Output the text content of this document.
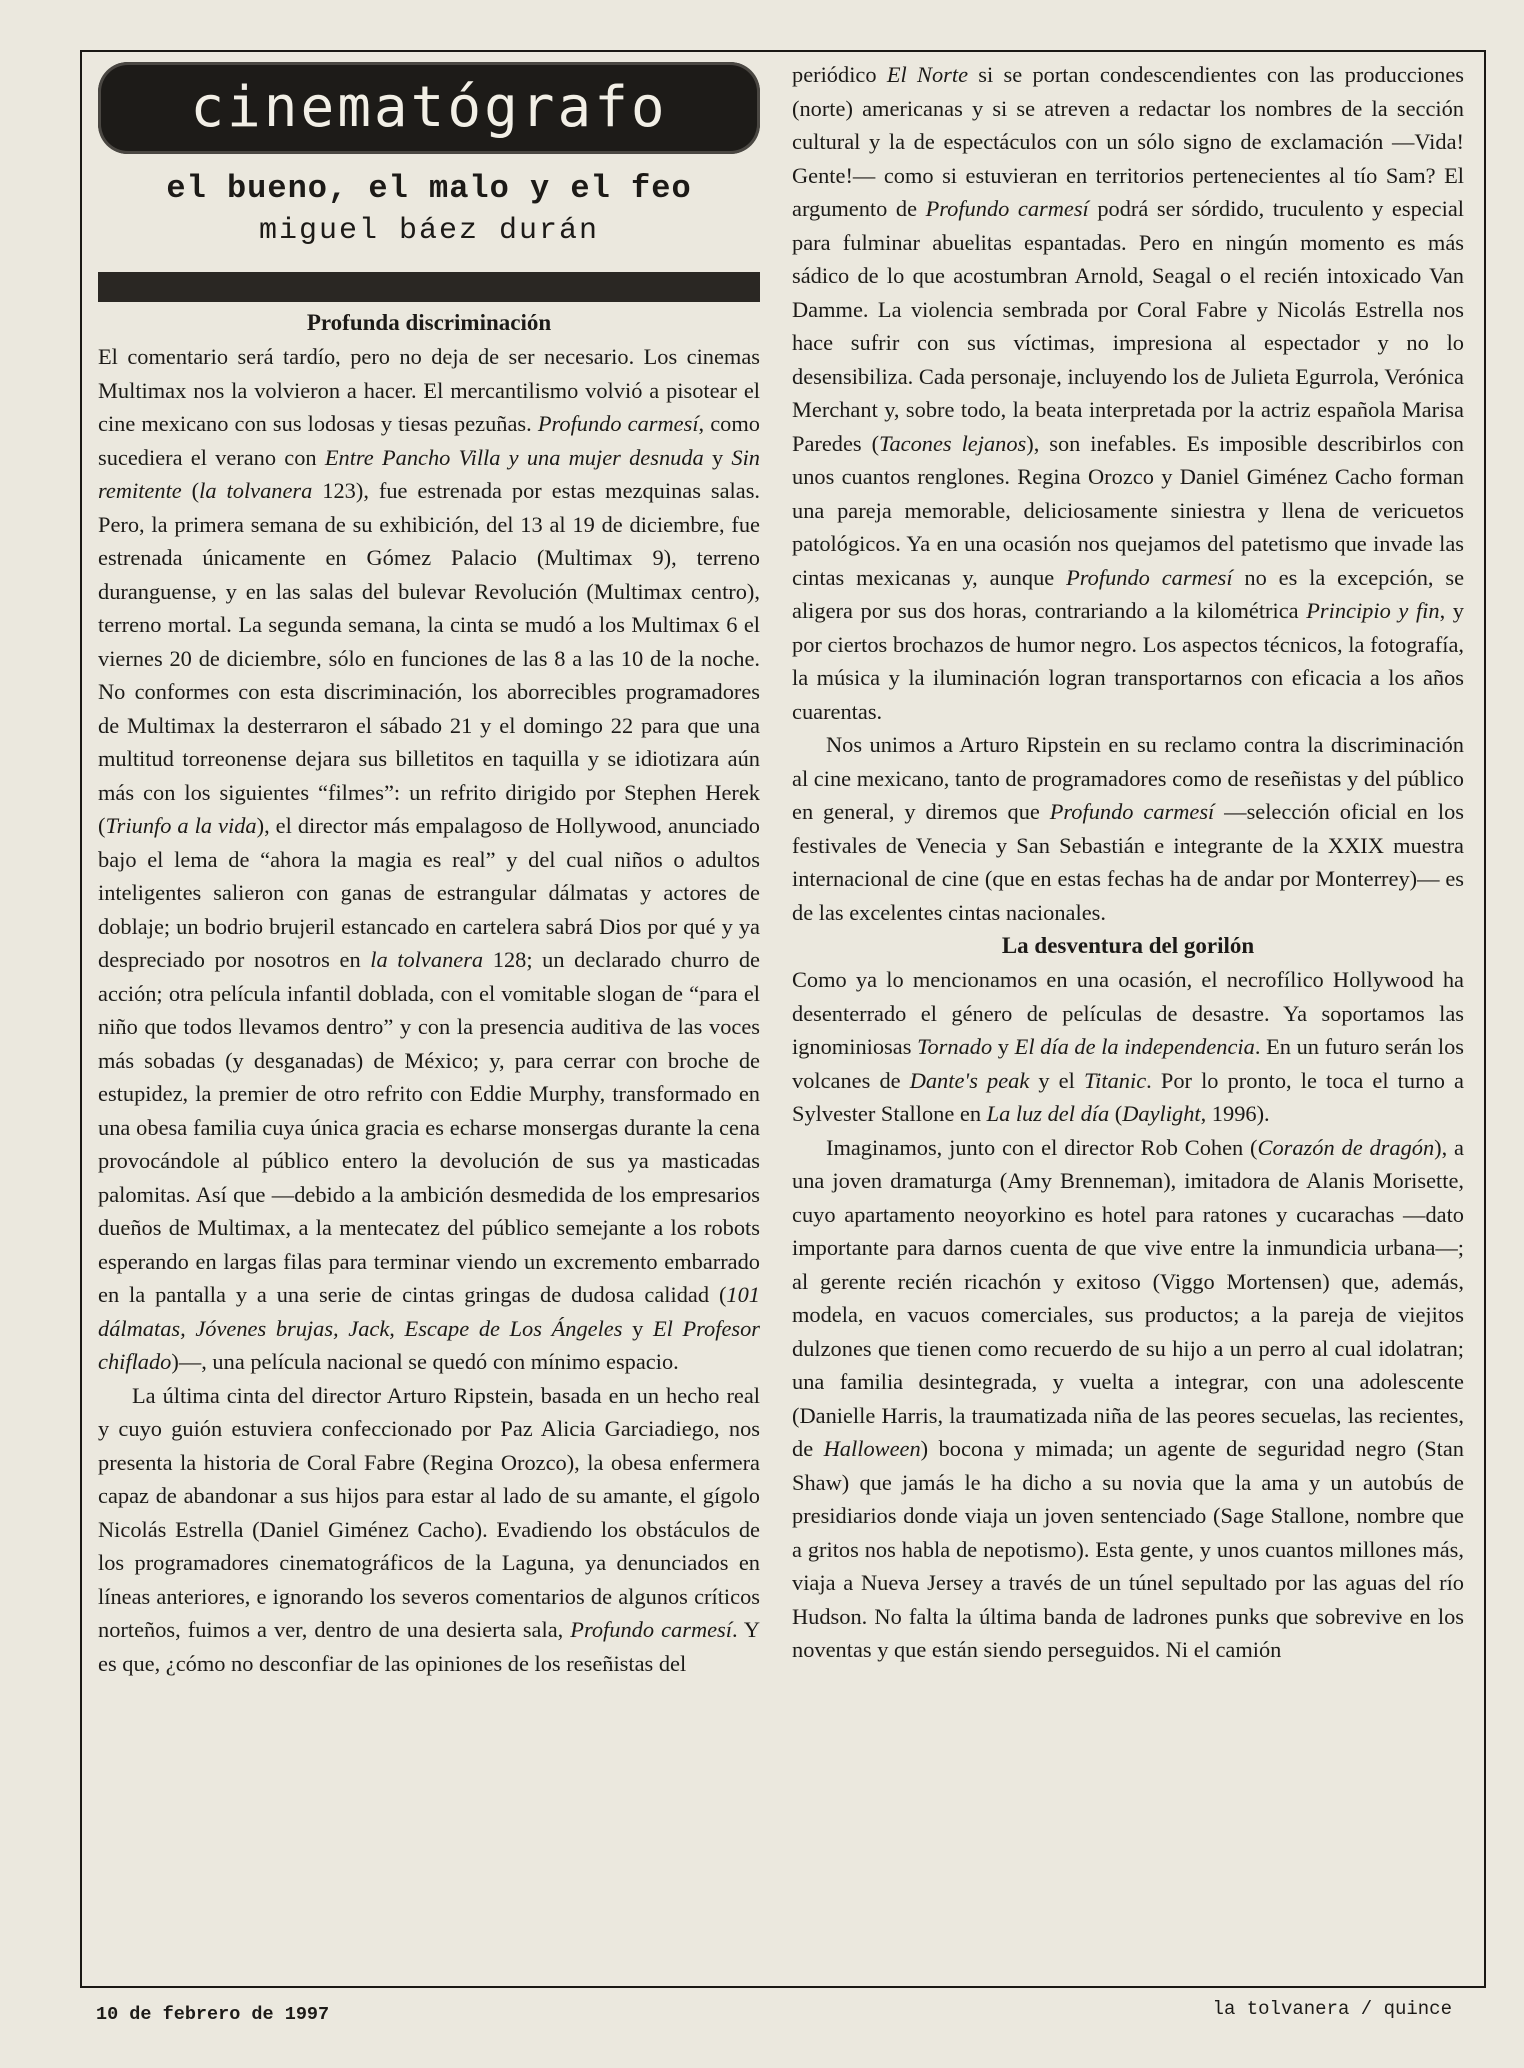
cinematógrafo
el bueno, el malo y el feo
miguel báez durán
Profunda discriminación

El comentario será tardío, pero no deja de ser necesario. Los cinemas Multimax nos la volvieron a hacer. El mercantilismo volvió a pisotear el cine mexicano con sus lodosas y tiesas pezuñas. Profundo carmesí, como sucediera el verano con Entre Pancho Villa y una mujer desnuda y Sin remitente (la tolvanera 123), fue estrenada por estas mezquinas salas. Pero, la primera semana de su exhibición, del 13 al 19 de diciembre, fue estrenada únicamente en Gómez Palacio (Multimax 9), terreno duranguense, y en las salas del bulevar Revolución (Multimax centro), terreno mortal. La segunda semana, la cinta se mudó a los Multimax 6 el viernes 20 de diciembre, sólo en funciones de las 8 a las 10 de la noche. No conformes con esta discriminación, los aborrecibles programadores de Multimax la desterraron el sábado 21 y el domingo 22 para que una multitud torreonense dejara sus billetitos en taquilla y se idiotizara aún más con los siguientes “filmes”: un refrito dirigido por Stephen Herek (Triunfo a la vida), el director más empalagoso de Hollywood, anunciado bajo el lema de “ahora la magia es real” y del cual niños o adultos inteligentes salieron con ganas de estrangular dálmatas y actores de doblaje; un bodrio brujeril estancado en cartelera sabrá Dios por qué y ya despreciado por nosotros en la tolvanera 128; un declarado churro de acción; otra película infantil doblada, con el vomitable slogan de “para el niño que todos llevamos dentro” y con la presencia auditiva de las voces más sobadas (y desganadas) de México; y, para cerrar con broche de estupidez, la premier de otro refrito con Eddie Murphy, transformado en una obesa familia cuya única gracia es echarse monsergas durante la cena provocándole al público entero la devolución de sus ya masticadas palomitas. Así que —debido a la ambición desmedida de los empresarios dueños de Multimax, a la mentecatez del público semejante a los robots esperando en largas filas para terminar viendo un excremento embarrado en la pantalla y a una serie de cintas gringas de dudosa calidad (101 dálmatas, Jóvenes brujas, Jack, Escape de Los Ángeles y El Profesor chiflado)—, una película nacional se quedó con mínimo espacio.

La última cinta del director Arturo Ripstein, basada en un hecho real y cuyo guión estuviera confeccionado por Paz Alicia Garciadiego, nos presenta la historia de Coral Fabre (Regina Orozco), la obesa enfermera capaz de abandonar a sus hijos para estar al lado de su amante, el gígolo Nicolás Estrella (Daniel Giménez Cacho). Evadiendo los obstáculos de los programadores cinematográficos de la Laguna, ya denunciados en líneas anteriores, e ignorando los severos comentarios de algunos críticos norteños, fuimos a ver, dentro de una desierta sala, Profundo carmesí. Y es que, ¿cómo no desconfiar de las opiniones de los reseñistas del

periódico El Norte si se portan condescendientes con las producciones (norte) americanas y si se atreven a redactar los nombres de la sección cultural y la de espectáculos con un sólo signo de exclamación —Vida! Gente!— como si estuvieran en territorios pertenecientes al tío Sam? El argumento de Profundo carmesí podrá ser sórdido, truculento y especial para fulminar abuelitas espantadas. Pero en ningún momento es más sádico de lo que acostumbran Arnold, Seagal o el recién intoxicado Van Damme. La violencia sembrada por Coral Fabre y Nicolás Estrella nos hace sufrir con sus víctimas, impresiona al espectador y no lo desensibiliza. Cada personaje, incluyendo los de Julieta Egurrola, Verónica Merchant y, sobre todo, la beata interpretada por la actriz española Marisa Paredes (Tacones lejanos), son inefables. Es imposible describirlos con unos cuantos renglones. Regina Orozco y Daniel Giménez Cacho forman una pareja memorable, deliciosamente siniestra y llena de vericuetos patológicos. Ya en una ocasión nos quejamos del patetismo que invade las cintas mexicanas y, aunque Profundo carmesí no es la excepción, se aligera por sus dos horas, contrariando a la kilométrica Principio y fin, y por ciertos brochazos de humor negro. Los aspectos técnicos, la fotografía, la música y la iluminación logran transportarnos con eficacia a los años cuarentas.

Nos unimos a Arturo Ripstein en su reclamo contra la discriminación al cine mexicano, tanto de programadores como de reseñistas y del público en general, y diremos que Profundo carmesí —selección oficial en los festivales de Venecia y San Sebastián e integrante de la XXIX muestra internacional de cine (que en estas fechas ha de andar por Monterrey)— es de las excelentes cintas nacionales.

La desventura del gorilón

Como ya lo mencionamos en una ocasión, el necrofílico Hollywood ha desenterrado el género de películas de desastre. Ya soportamos las ignominiosas Tornado y El día de la independencia. En un futuro serán los volcanes de Dante's peak y el Titanic. Por lo pronto, le toca el turno a Sylvester Stallone en La luz del día (Daylight, 1996).

Imaginamos, junto con el director Rob Cohen (Corazón de dragón), a una joven dramaturga (Amy Brenneman), imitadora de Alanis Morisette, cuyo apartamento neoyorkino es hotel para ratones y cucarachas —dato importante para darnos cuenta de que vive entre la inmundicia urbana—; al gerente recién ricachón y exitoso (Viggo Mortensen) que, además, modela, en vacuos comerciales, sus productos; a la pareja de viejitos dulzones que tienen como recuerdo de su hijo a un perro al cual idolatran; una familia desintegrada, y vuelta a integrar, con una adolescente (Danielle Harris, la traumatizada niña de las peores secuelas, las recientes, de Halloween) bocona y mimada; un agente de seguridad negro (Stan Shaw) que jamás le ha dicho a su novia que la ama y un autobús de presidiarios donde viaja un joven sentenciado (Sage Stallone, nombre que a gritos nos habla de nepotismo). Esta gente, y unos cuantos millones más, viaja a Nueva Jersey a través de un túnel sepultado por las aguas del río Hudson. No falta la última banda de ladrones punks que sobrevive en los noventas y que están siendo perseguidos. Ni el camión

10 de febrero de 1997	la tolvanera / quince
